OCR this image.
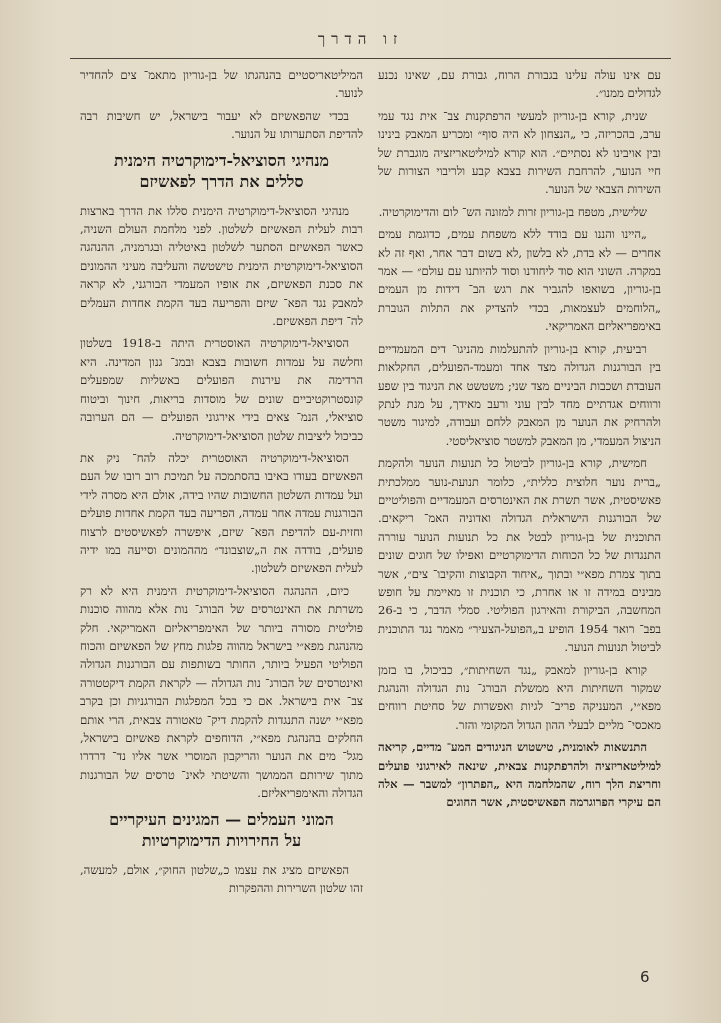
זו הדרך

עם אינו עולה עלינו בגבורת הרוח, גבורת עם, שאינו נכנע לגדולים ממנו״.

שנית, קורא בן-גוריון למעשי הרפתקנות צב־ אית נגד עמי ערב, בהכריזה, כי „הנצחון לא היה סוף״ ומכריע המאבק בינינו ובין אויבינו לא נסתיים״. הוא קורא למיליטאריזציה מוגברת של חיי הנוער, להרחבת השירות בצבא קבע ולריבוי הצורות של השירות הצבאי של הנוער.

שלישית, מטפח בן-גוריון זרות למזונה הש־ לום והדימוקרטיה.

„היינו והננו עם בודד ללא משפחת עמים, כדוגמת עמים אחרים — לא בדת, לא בלשון ,לא בשום דבר אחר, ואף זה לא במקרה. השוני הוא סוד ליחודנו וסוד להיותנו עם עולם״ — אמר בן-גוריון, בשואפו להגביר את רגש הב־ דידות מן העמים „הלוחמים לעצמאות, בכדי להצדיק את התלות הגוברת באימפריאליזם האמריקאי.

רביעית, קורא בן-גוריון להתעלמות מהניגו־ דים המעמדיים בין הבורגנות הגדולה מצד אחד ומעמד-הפועלים, החקלאות העובדת ושכבות הביניים מצד שני; משטשט את הניגוד בין שפע ורווחים אגדתיים מחד לבין עוני ורעב מאידך, על מנת לנתק ולהרחיק את הנוער מן המאבק ללחם ועבודה, למיגור משטר הניצול המעמדי, מן המאבק למשטר סוציאליסטי.

חמישית, קורא בן-גוריון לביטול כל תנועות הנוער ולהקמת „ברית נוער חלוצית כללית״, כלומר תנועת-נוער ממלכתית פאשיסטית, אשר תשרת את האינטרסים המעמדיים והפוליטיים של הבורגנות הישראלית הגדולה ואדוניה האמ־ ריקאים. התוכנית של בן-גוריון לבטל את כל תנועות הנוער עוררה התנגדות של כל הכוחות הדימוקרטיים ואפילו של חוגים שונים בתוך צמרת מפא״י ובתוך „איחוד הקבוצות והקיבו־ צים״, אשר מבינים במידה זו או אחרת, כי תוכנית זו מאיימת על חופש המחשבה, הביקורת והאירגון הפוליטי. סמלי הדבר, כי ב-26 בפב־ רואר 1954 הופיע ב„הפועל-הצעיר״ מאמר נגד התוכנית לביטול תנועות הנוער.

קורא בן-גוריון למאבק „נגד השחיתות״, כביכול, בו בזמן שמקור השחיתות היא ממשלת הבורג־ נות הגדולה והנהגת מפא״י, המעניקה פריב־ לגיות ואפשרות של סחיטת רווחים מאכסי־ מליים לבעלי ההון הגדול המקומי והזר.

התנשאות לאומנית, טישטוש הניגודים המע־ מדיים, קריאה למיליטאריזציה ולהרפתקנות צבאית, שינאה לאירגוני פועלים וחריצת הלך רוח, שהמלחמה היא „הפתרון״ למשבר — אלה הם עיקרי הפרוגרמה הפאשיסטית, אשר החוגים

המיליטאריסטיים בהנהגתו של בן-גוריון מתאמ־ צים להחדיר לנוער.

בכדי שהפאשיזם לא יעבור בישראל, יש חשיבות רבה להדיפת הסתערותו על הנוער.

מנהיגי הסוציאל-דימוקרטיה הימנית
סללים את הדרך לפאשיזם

מנהיגי הסוציאל-דימוקרטיה הימנית סללו את הדרך בארצות רבות לעלית הפאשיזם לשלטון. לפני מלחמת העולם השניה, כאשר הפאשיזם הסתער לשלטון באיטליה ובגרמניה, ההנהגה הסוציאל-דימוקרטית הימנית טישטשה והעליבה מעיני ההמונים את סכנת הפאשיזם, את אופיו המעמדי הבורגני, לא קראה למאבק נגד הפא־ שיזם והפריעה בעד הקמת אחדות העמלים לה־ דיפת הפאשיזם.

הסוציאל-דימוקרטיה האוסטרית היתה ב-1918 בשלטון וחלשה על עמדות חשובות בצבא ובמנ־ גנון המדינה. היא הרדימה את עירנות הפועלים באשליות שמפעלים קונסטרוקטיביים שונים של מוסדות בריאות, חינוך וביטוח סוציאלי, הנמ־ צאים בידי אירגוני הפועלים — הם הערובה כביכול ליציבות שלטון הסוציאל-דימוקרטיה.

הסוציאל-דימוקרטיה האוסטרית יכלה להח־ ניק את הפאשיזם בעודו באיבו בהסתמכה על תמיכת רוב רובו של העם ועל עמדות השלטון החשובות שהיו בידה, אולם היא מסרה לידי הבורגנות עמדה אחר עמדה, הפריעה בעד הקמת אחדות פועלים וחזית-עם להדיפת הפא־ שיזם, איפשרה לפאשיסטים לרצוח פועלים, בודדה את ה„שוצבונד״ מההמונים וסייעה במו ידיה לעלית הפאשיזם לשלטון.

כיום, ההנהגה הסוציאל-דימוקרטית הימנית היא לא רק משרתת את האינטרסים של הבורג־ נות אלא מהווה סוכנות פוליטית מסורה ביותר של האימפריאליזם האמריקאי. חלק מהנהגת מפא״י בישראל מהווה פלגות מחץ של הפאשיזם והכוח הפוליטי הפעיל ביותר, החותר בשותפות עם הבורגנות הגדולה ואינטרסים של הבורג־ נות הגדולה — לקראת הקמת דיקטטורה צב־ אית בישראל. אם כי בכל המפלגות הבורגניות וכן בקרב מפא״י ישנה התנגדות להקמת דיק־ טאטורה צבאית, הרי אותם החלקים בהנהגת מפא״י, הדוחפים לקראת פאשיזם בישראל, מגל־ מים את הנוער והריקבון המוסרי אשר אליו נד־ דרדרו מתוך שירותם הממושך והשיטתי לאינ־ טרסים של הבורגנות הגדולה והאימפריאליזם.

המוני העמלים — המגינים העיקריים
על החירויות הדימוקרטיות

הפאשיזם מציג את עצמו כ„שלטון החוק״, אולם, למעשה, זהו שלטון השרירות וההפקרות

6
